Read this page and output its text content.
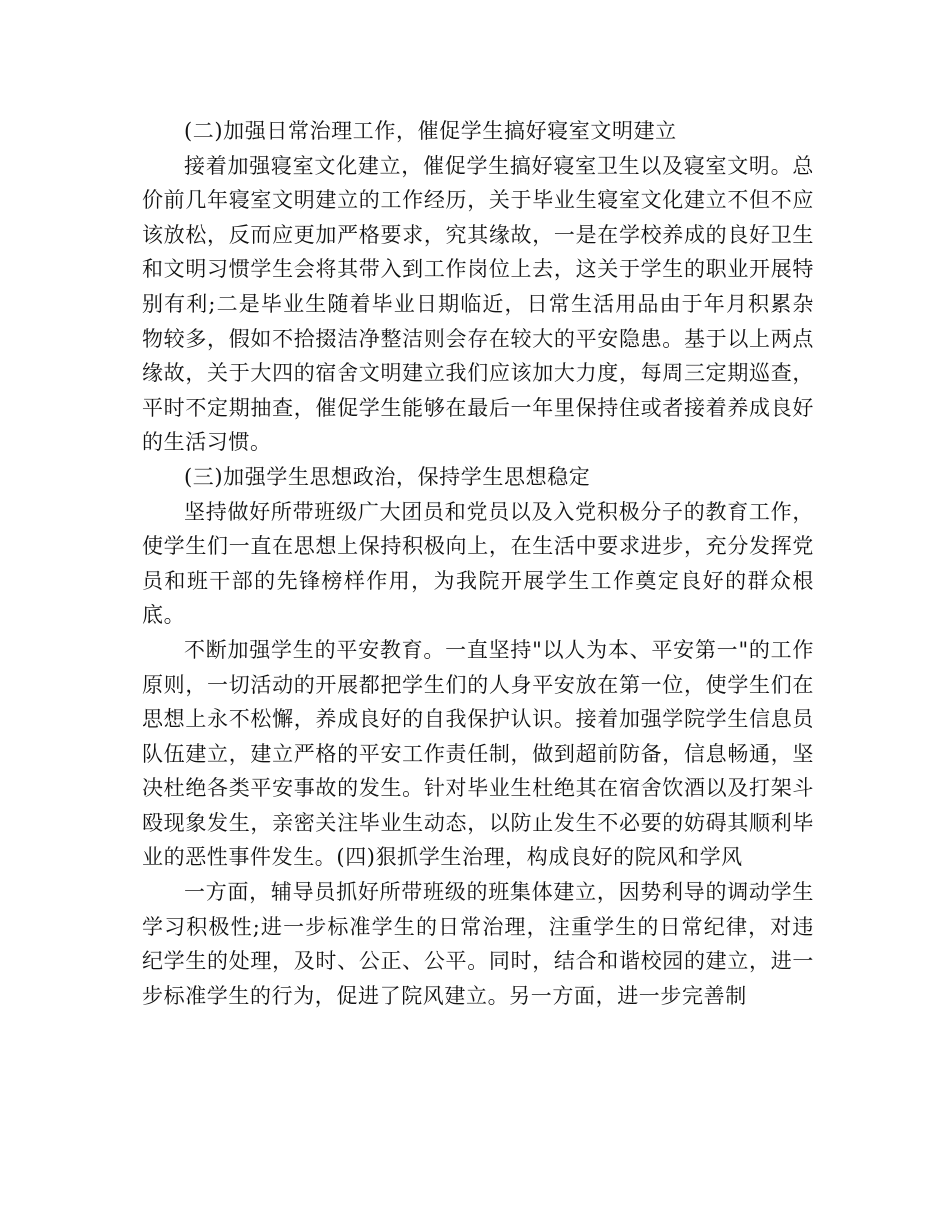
(二)加强日常治理工作，催促学生搞好寝室文明建立

接着加强寝室文化建立，催促学生搞好寝室卫生以及寝室文明。总价前几年寝室文明建立的工作经历，关于毕业生寝室文化建立不但不应该放松，反而应更加严格要求，究其缘故，一是在学校养成的良好卫生和文明习惯学生会将其带入到工作岗位上去，这关于学生的职业开展特别有利;二是毕业生随着毕业日期临近，日常生活用品由于年月积累杂物较多，假如不拾掇洁净整洁则会存在较大的平安隐患。基于以上两点缘故，关于大四的宿舍文明建立我们应该加大力度，每周三定期巡查，平时不定期抽查，催促学生能够在最后一年里保持住或者接着养成良好的生活习惯。

(三)加强学生思想政治，保持学生思想稳定

坚持做好所带班级广大团员和党员以及入党积极分子的教育工作，使学生们一直在思想上保持积极向上，在生活中要求进步，充分发挥党员和班干部的先锋榜样作用，为我院开展学生工作奠定良好的群众根底。

不断加强学生的平安教育。一直坚持"以人为本、平安第一"的工作原则，一切活动的开展都把学生们的人身平安放在第一位，使学生们在思想上永不松懈，养成良好的自我保护认识。接着加强学院学生信息员队伍建立，建立严格的平安工作责任制，做到超前防备，信息畅通，坚决杜绝各类平安事故的发生。针对毕业生杜绝其在宿舍饮酒以及打架斗殴现象发生，亲密关注毕业生动态，以防止发生不必要的妨碍其顺利毕业的恶性事件发生。(四)狠抓学生治理，构成良好的院风和学风

一方面，辅导员抓好所带班级的班集体建立，因势利导的调动学生学习积极性;进一步标准学生的日常治理，注重学生的日常纪律，对违纪学生的处理，及时、公正、公平。同时，结合和谐校园的建立，进一步标准学生的行为，促进了院风建立。另一方面，进一步完善制
